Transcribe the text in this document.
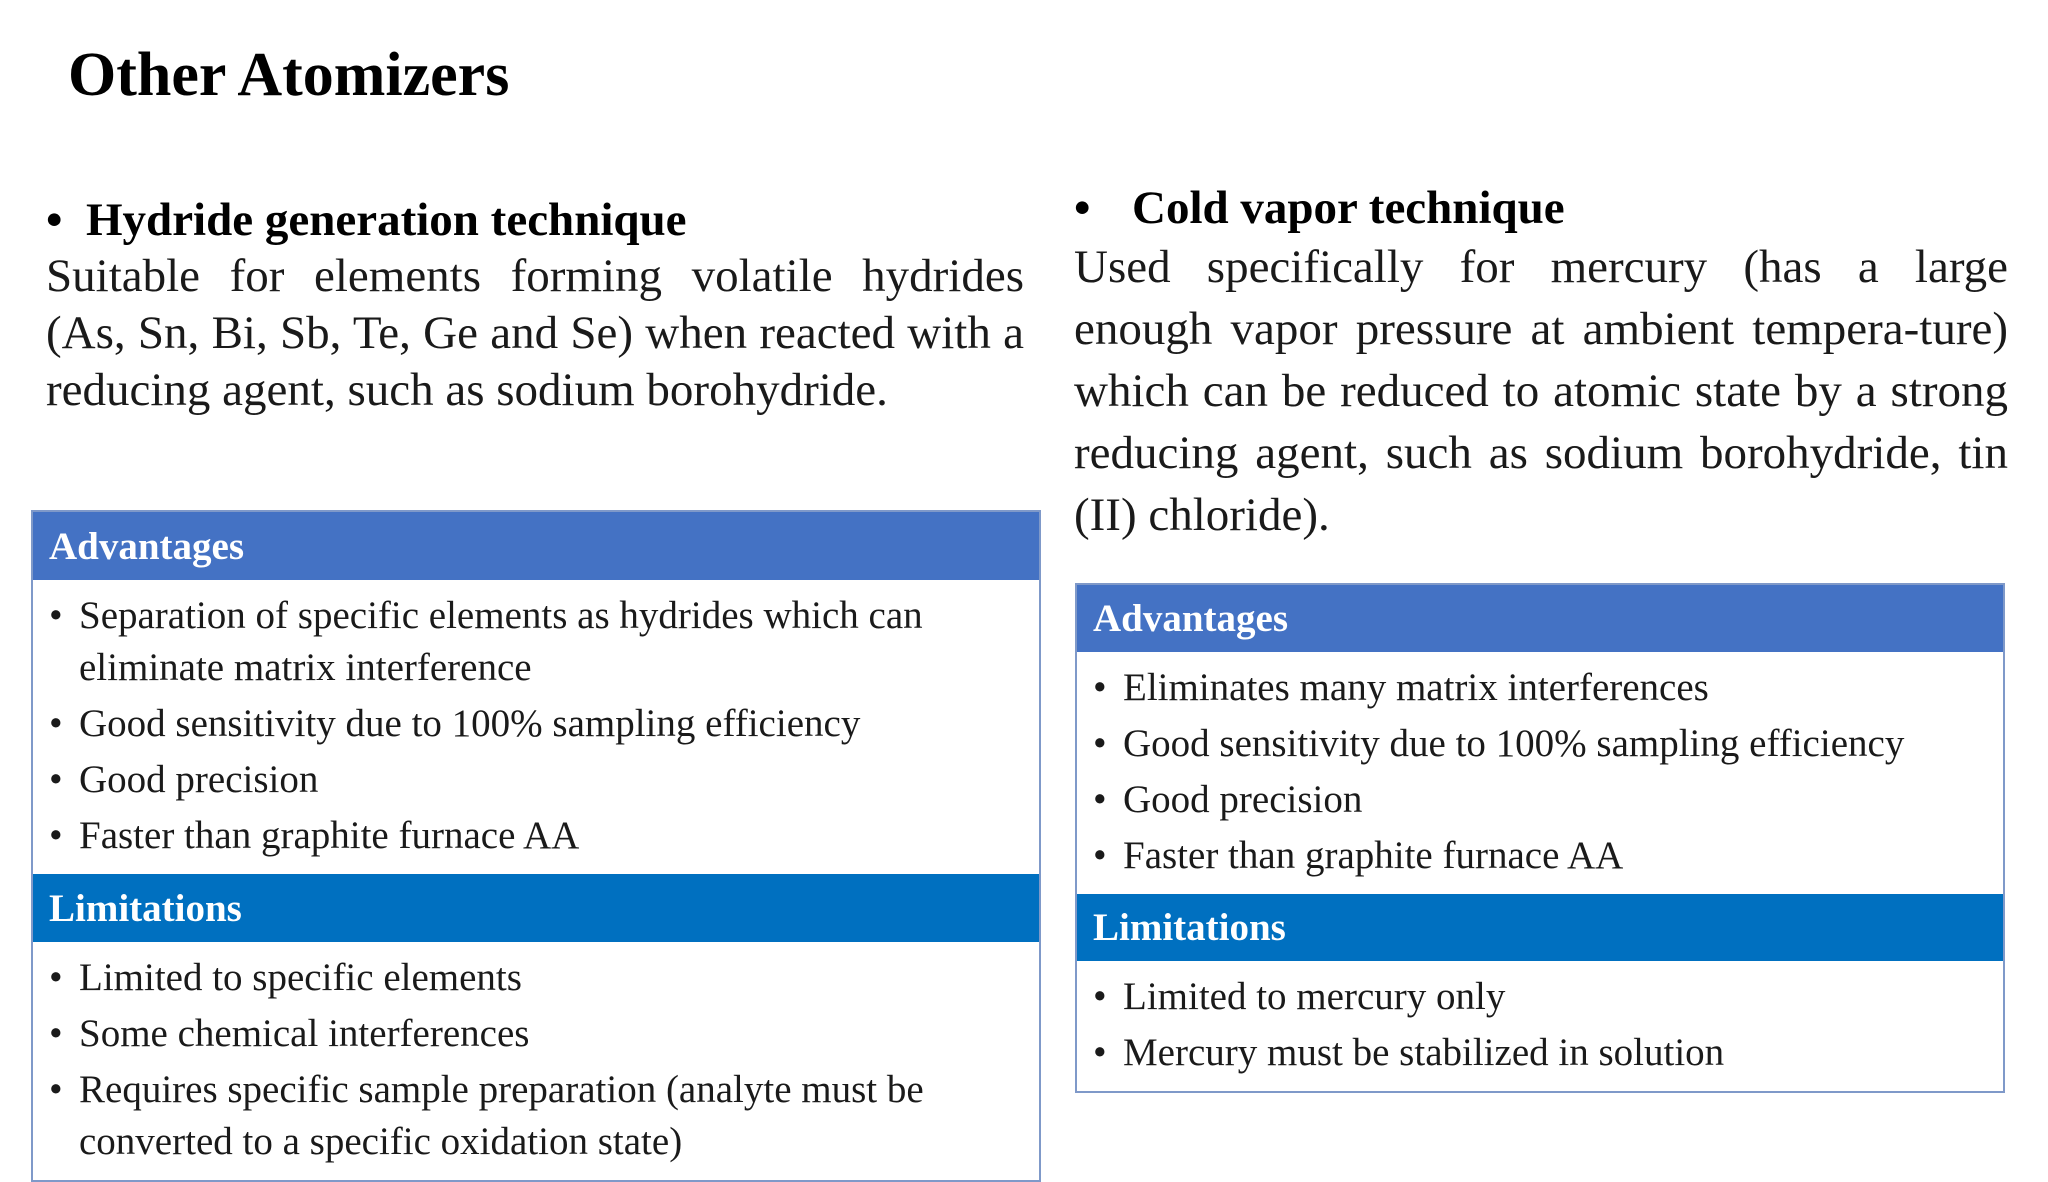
Other Atomizers
• Hydride generation technique

Suitable for elements forming volatile hydrides (As, Sn, Bi, Sb, Te, Ge and Se) when reacted with a reducing agent, such as sodium borohydride.

Advantages
• Separation of specific elements as hydrides which can eliminate matrix interference
• Good sensitivity due to 100% sampling efficiency
• Good precision
• Faster than graphite furnace AA
Limitations
• Limited to specific elements
• Some chemical interferences
• Requires specific sample preparation (analyte must be converted to a specific oxidation state)
• Cold vapor technique

Used specifically for mercury (has a large enough vapor pressure at ambient tempera-ture) which can be reduced to atomic state by a strong reducing agent, such as sodium borohydride, tin (II) chloride).

Advantages
• Eliminates many matrix interferences
• Good sensitivity due to 100% sampling efficiency
• Good precision
• Faster than graphite furnace AA
Limitations
• Limited to mercury only
• Mercury must be stabilized in solution
